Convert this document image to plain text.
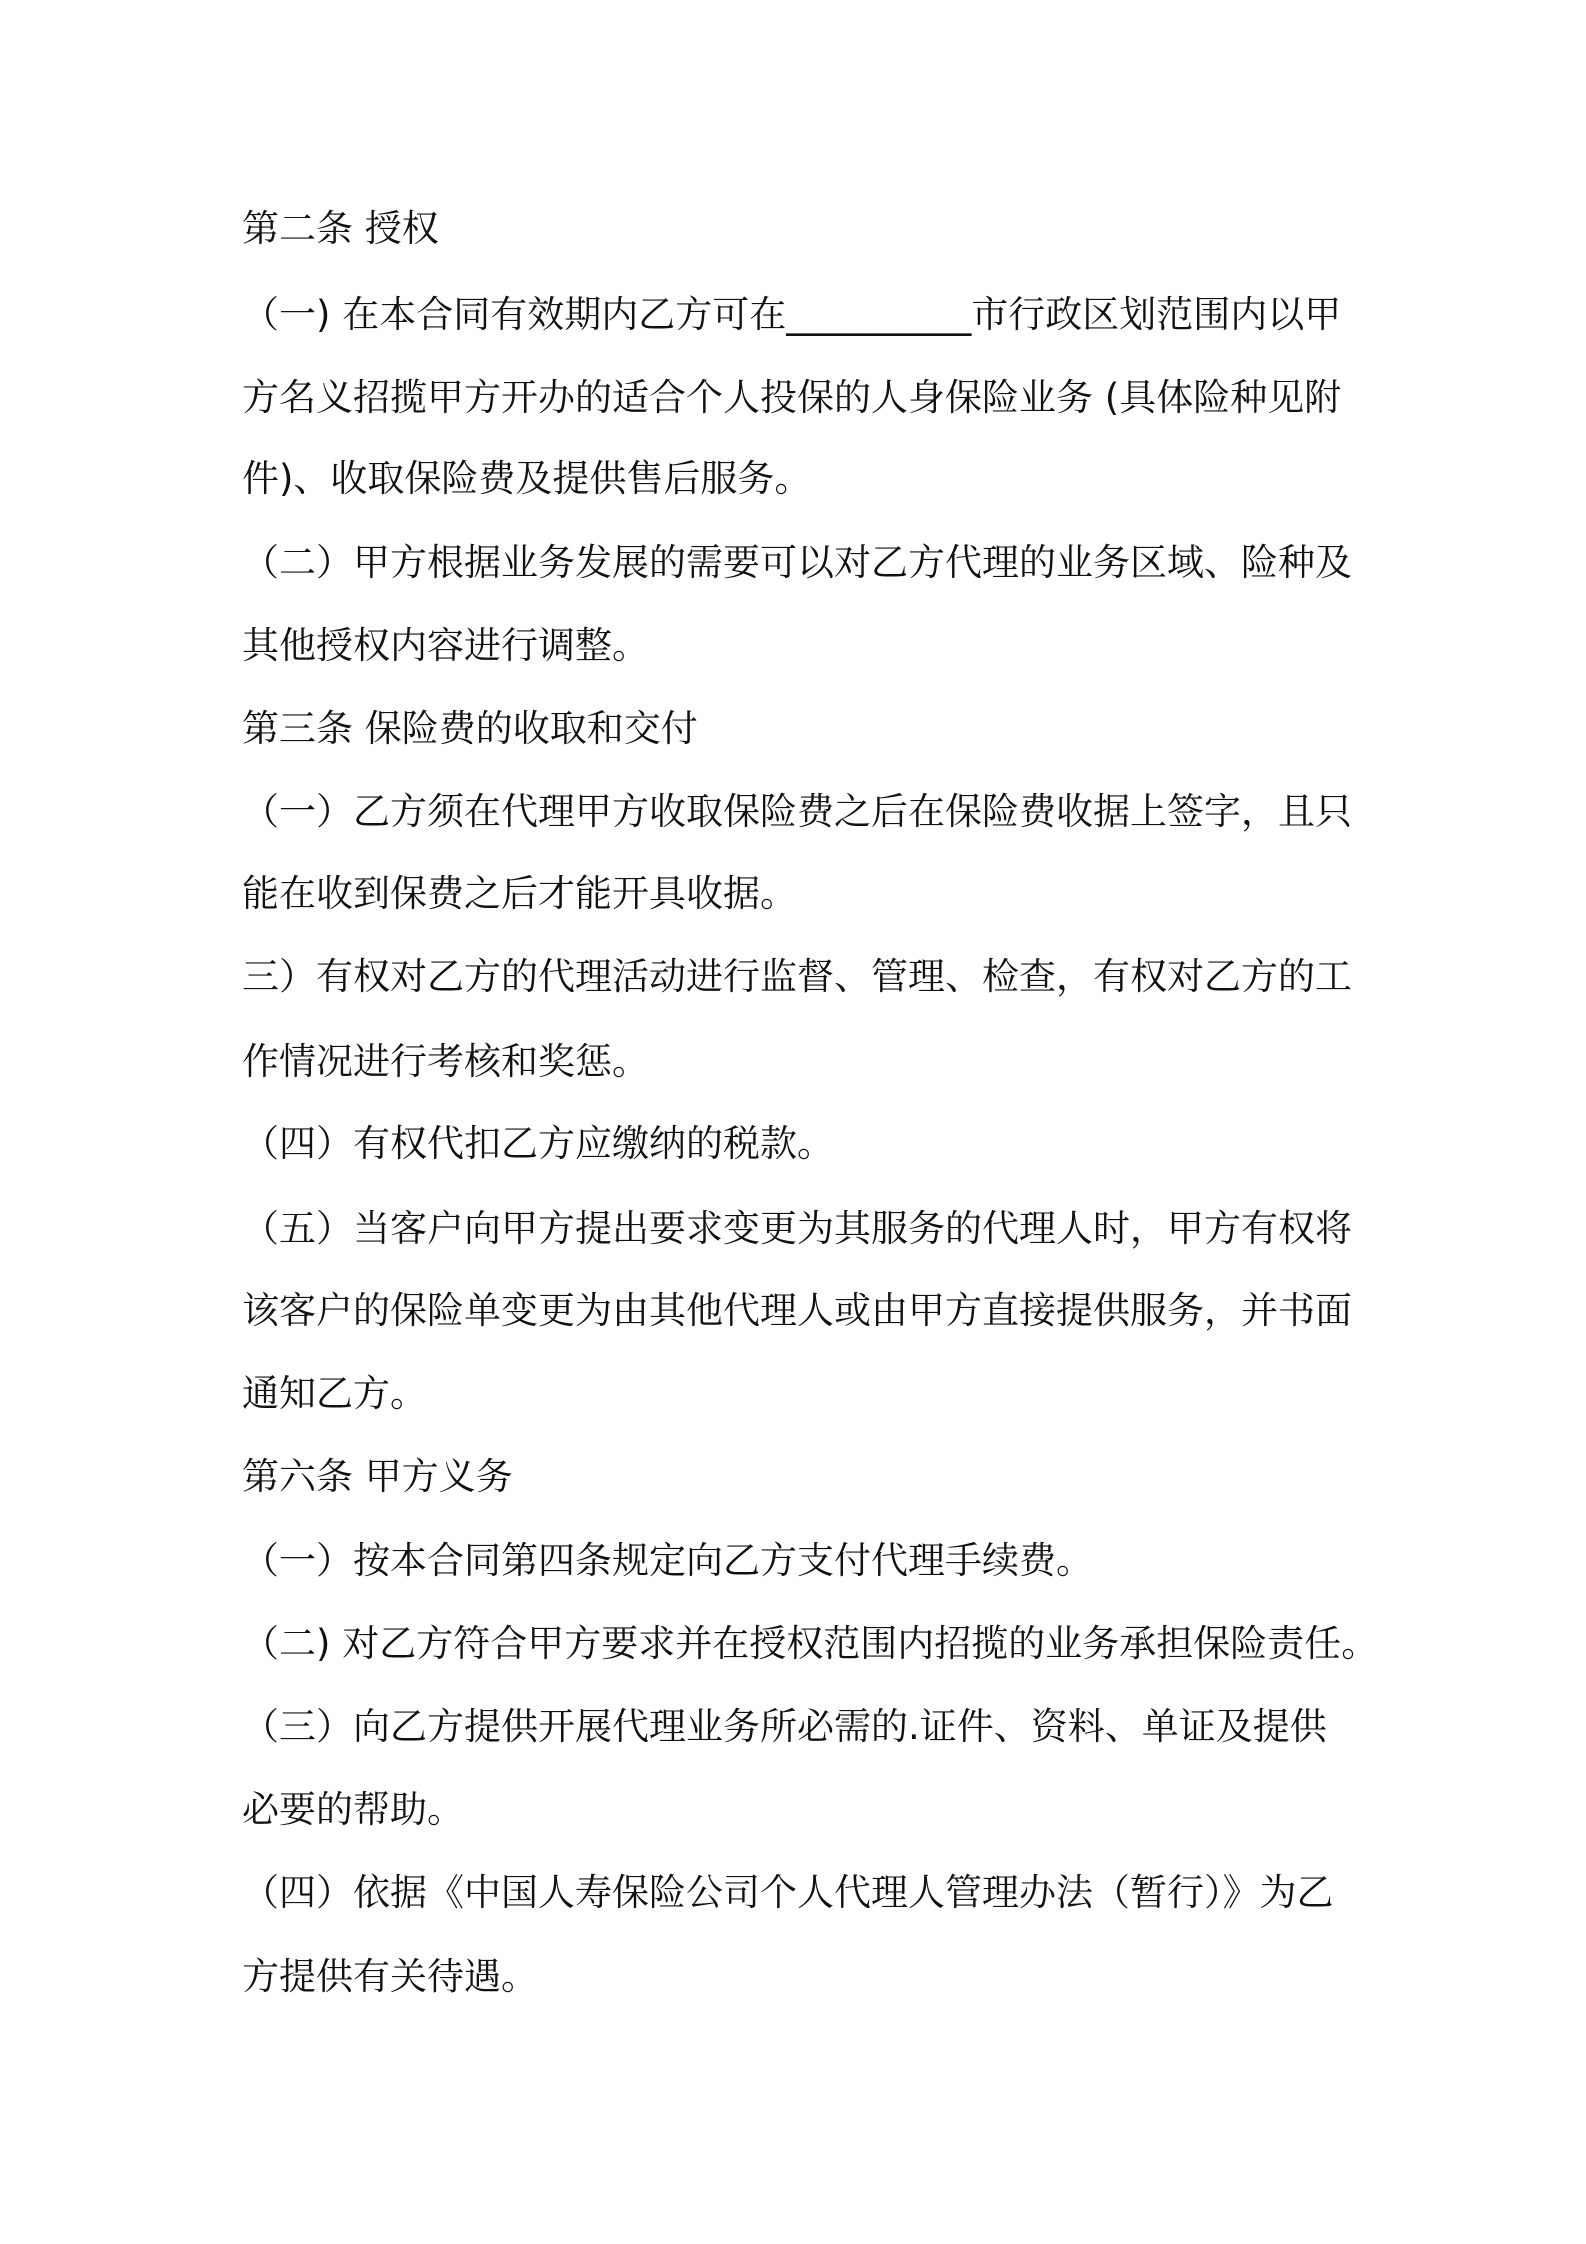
第二条 授权

（一) 在本合同有效期内乙方可在__________市行政区划范围内以甲

方名义招揽甲方开办的适合个人投保的人身保险业务 (具体险种见附

件)、收取保险费及提供售后服务。

（二）甲方根据业务发展的需要可以对乙方代理的业务区域、险种及

其他授权内容进行调整。

第三条 保险费的收取和交付

（一）乙方须在代理甲方收取保险费之后在保险费收据上签字，且只

能在收到保费之后才能开具收据。

三）有权对乙方的代理活动进行监督、管理、检查，有权对乙方的工

作情况进行考核和奖惩。

（四）有权代扣乙方应缴纳的税款。

（五）当客户向甲方提出要求变更为其服务的代理人时，甲方有权将

该客户的保险单变更为由其他代理人或由甲方直接提供服务，并书面

通知乙方。

第六条 甲方义务

（一）按本合同第四条规定向乙方支付代理手续费。

（二) 对乙方符合甲方要求并在授权范围内招揽的业务承担保险责任。

（三）向乙方提供开展代理业务所必需的.证件、资料、单证及提供

必要的帮助。

（四）依据《中国人寿保险公司个人代理人管理办法（暂行）》为乙

方提供有关待遇。
